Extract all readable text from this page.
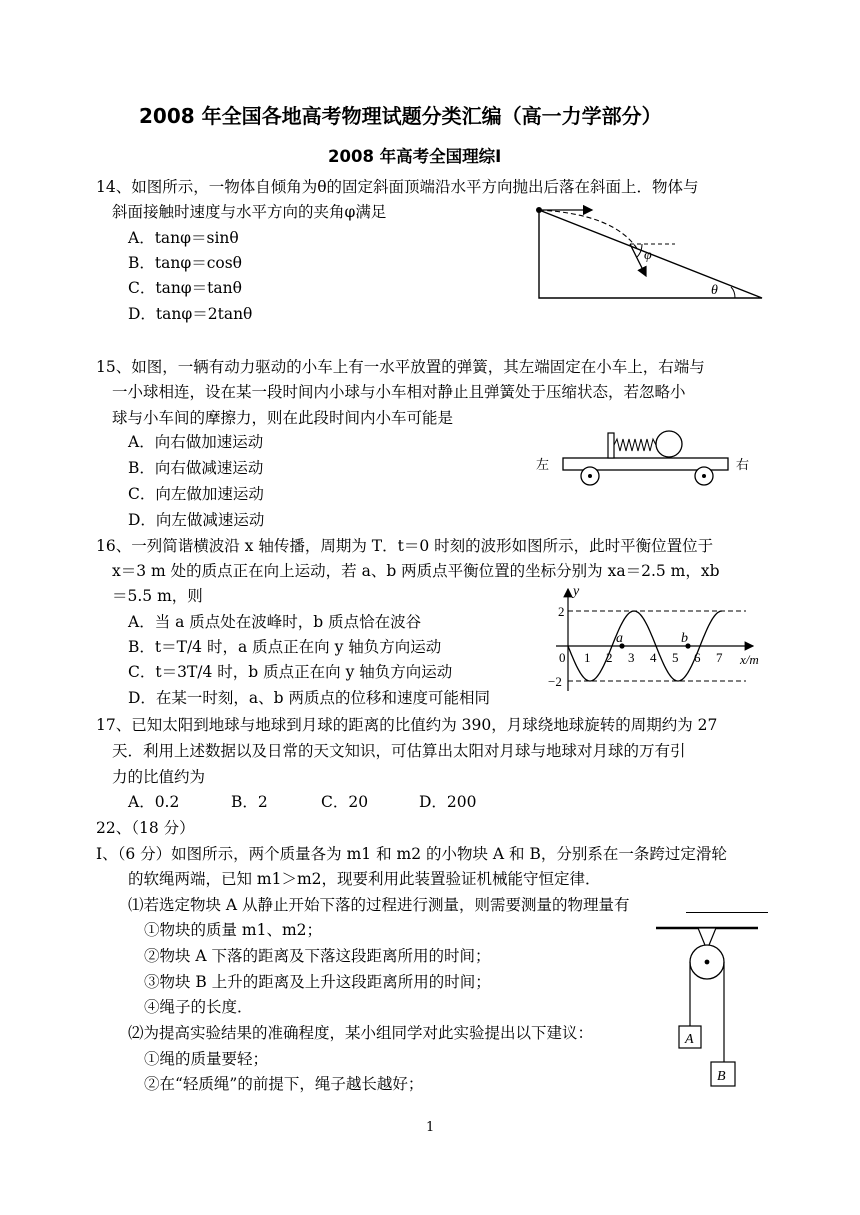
2008 年全国各地高考物理试题分类汇编（高一力学部分）
2008 年高考全国理综Ⅰ
14、如图所示，一物体自倾角为θ的固定斜面顶端沿水平方向抛出后落在斜面上．物体与
斜面接触时速度与水平方向的夹角φ满足
A．tanφ＝sinθ
B．tanφ＝cosθ
C．tanφ＝tanθ
D．tanφ＝2tanθ
φ
θ
15、如图，一辆有动力驱动的小车上有一水平放置的弹簧，其左端固定在小车上，右端与
一小球相连，设在某一段时间内小球与小车相对静止且弹簧处于压缩状态，若忽略小
球与小车间的摩擦力，则在此段时间内小车可能是
A．向右做加速运动
B．向右做减速运动
C．向左做加速运动
D．向左做减速运动
左	右
16、一列简谐横波沿 x 轴传播，周期为 T．t＝0 时刻的波形如图所示，此时平衡位置位于
x＝3 m 处的质点正在向上运动，若 a、b 两质点平衡位置的坐标分别为 xa＝2.5 m，xb
＝5.5 m，则
A．当 a 质点处在波峰时，b 质点恰在波谷
B．t＝T/4 时，a 质点正在向 y 轴负方向运动
C．t＝3T/4 时，b 质点正在向 y 轴负方向运动
D．在某一时刻，a、b 两质点的位移和速度可能相同
a	b
y
2
−2
0 1 2 3 4 5 6 7 x/m
17、已知太阳到地球与地球到月球的距离的比值约为 390，月球绕地球旋转的周期约为 27
天．利用上述数据以及日常的天文知识，可估算出太阳对月球与地球对月球的万有引
力的比值约为
A．0.2	B．2	C．20	D．200
22、（18 分）
Ⅰ、（6 分）如图所示，两个质量各为 m1 和 m2 的小物块 A 和 B，分别系在一条跨过定滑轮
的软绳两端，已知 m1＞m2，现要利用此装置验证机械能守恒定律．
⑴若选定物块 A 从静止开始下落的过程进行测量，则需要测量的物理量有
①物块的质量 m1、m2；
②物块 A 下落的距离及下落这段距离所用的时间；
③物块 B 上升的距离及上升这段距离所用的时间；
④绳子的长度．
⑵为提高实验结果的准确程度，某小组同学对此实验提出以下建议：
①绳的质量要轻；
②在“轻质绳”的前提下，绳子越长越好；
A
B
1
